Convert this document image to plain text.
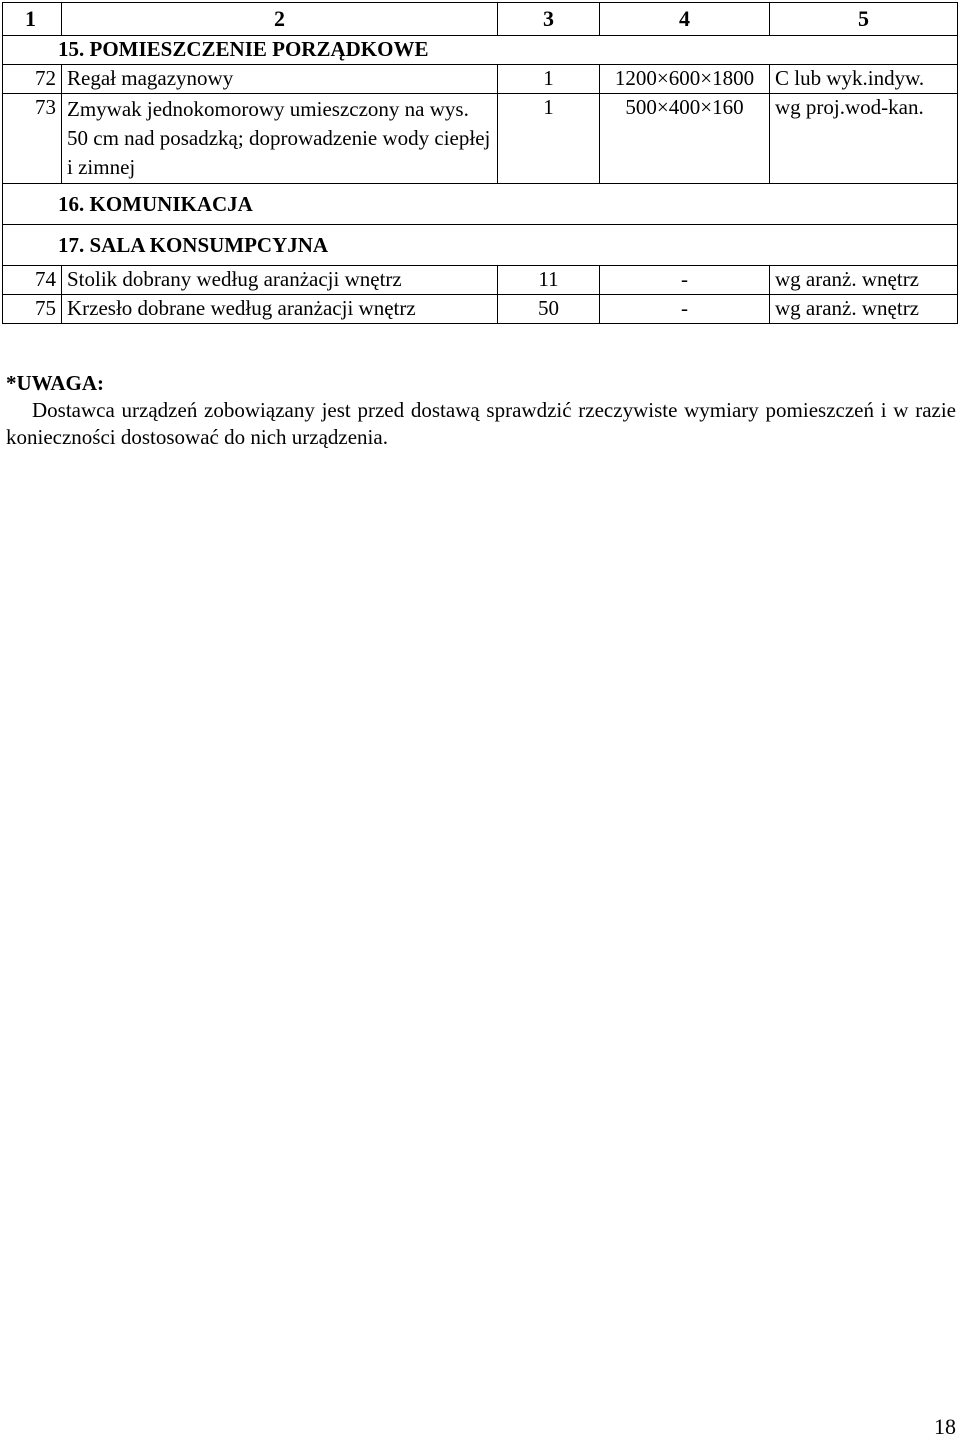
1	2	3	4	5
15. POMIESZCZENIE PORZĄDKOWE				
72	Regał magazynowy	1	1200×600×1800	C lub wyk.indyw.
73	Zmywak jednokomorowy umieszczony na wys. 50 cm nad posadzką; doprowadzenie wody ciepłej i zimnej	1	500×400×160	wg proj.wod-kan.
16. KOMUNIKACJA				
17. SALA KONSUMPCYJNA				
74	Stolik dobrany według aranżacji wnętrz	11	-	wg aranż. wnętrz
75	Krzesło dobrane według aranżacji wnętrz	50	-	wg aranż. wnętrz
*UWAGA:

Dostawca urządzeń zobowiązany jest przed dostawą sprawdzić rzeczywiste wymiary pomieszczeń i w razie konieczności dostosować do nich urządzenia.

18
